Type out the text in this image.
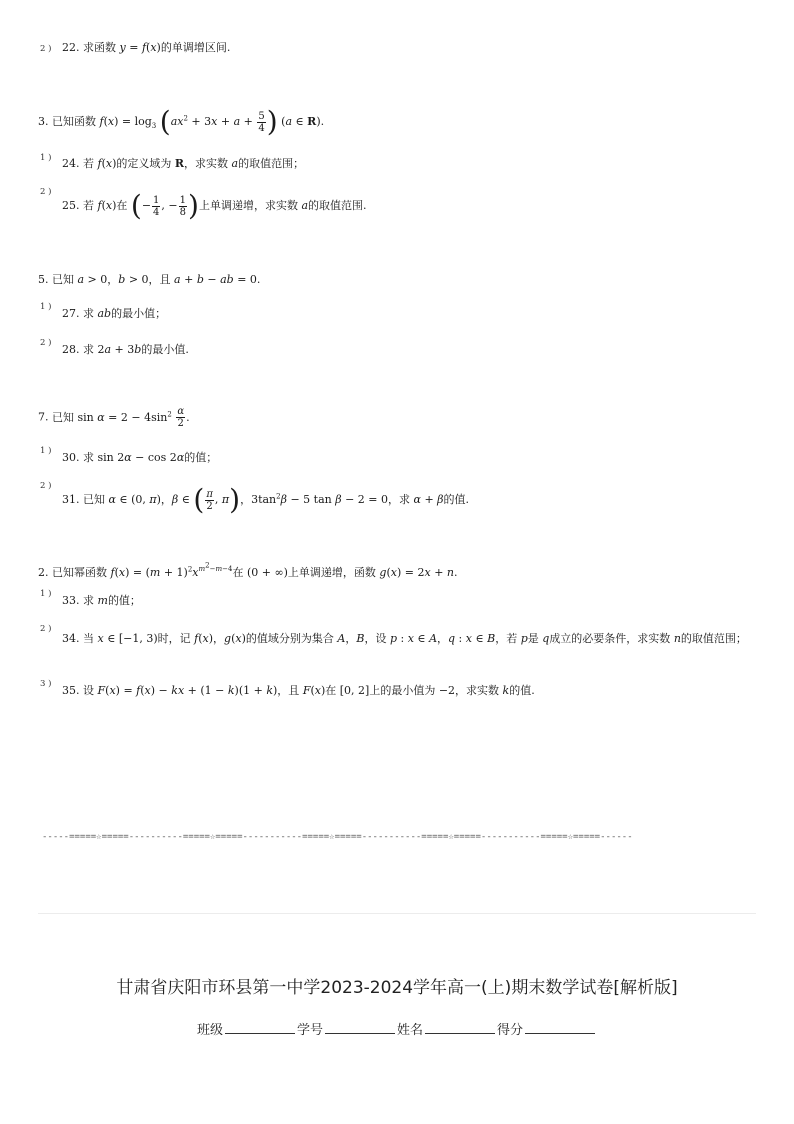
2 ) 22. 求函数 y = f(x)的单调增区间.
3. 已知函数 $f(x) = \log_3 (ax^2 + 3x + a + \frac{5}{4}$ ) (a ∈ R).
1 ) 24. 若 f(x)的定义域为 R，求实数 a的取值范围；
2 )
25. 若 f(x)在 (− $\frac{1}{4}$ , − $\frac{1}{8}$ )上单调递增，求实数 a的取值范围.
5. 已知 a > 0，b > 0，且 a + b − ab = 0.
1 ) 27. 求 ab的最小值；
2 ) 28. 求 2a + 3b的最小值.
7. 已知 $\sin \alpha = 2 - 4\sin^2 \frac{\alpha}{2}$ .
1 ) 30. 求 sin 2α − cos 2α的值；
2 )
31. 已知 α ∈ (0, π)，β ∈ ( $\frac{\pi}{2}$ , π)，$3\tan^2\beta - 5$ tan β − 2 = 0，求 α + β的值.
2. 已知幂函数 $f(x) = (m + 1)^2x^{m^2-m-4}$在 (0 + ∞)上单调递增，函数 g(x) = 2x + n.
1 ) 33. 求 m的值；
2 )
34. 当 x ∈ [−1, 3)时，记 f(x)，g(x)的值域分别为集合 A，B，设 p : x ∈ A，q : x ∈ B，若 p是 q成立的必要条件，求实数 n的取值范围；
3 ) 35. 设 F(x) = f(x) − kx + (1 − k)(1 + k)，且 F(x)在 [0, 2]上的最小值为 −2，求实数 k的值.
-----=====☆=====----------=====☆=====-----------=====☆=====-----------=====☆=====-----------=====☆=====------
甘肃省庆阳市环县第一中学2023-2024学年高一(上)期末数学试卷[解析版]
班级	学号	姓名	得分
